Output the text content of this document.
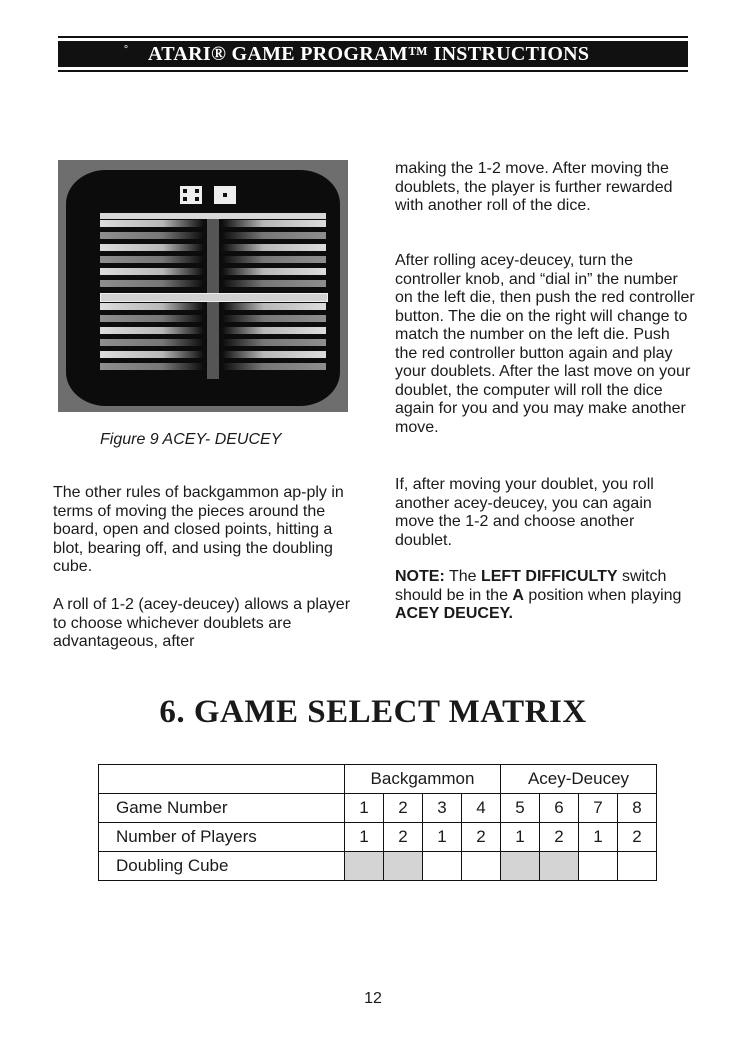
° ATARI® GAME PROGRAM™ INSTRUCTIONS
Figure 9 ACEY- DEUCEY

The other rules of backgammon ap-ply in terms of moving the pieces around the board, open and closed points, hitting a blot, bearing off, and using the doubling cube.

A roll of 1-2 (acey-deucey) allows a player to choose whichever doublets are advantageous, after

making the 1-2 move. After moving the doublets, the player is further rewarded with another roll of the dice.

After rolling acey-deucey, turn the controller knob, and “dial in” the number on the left die, then push the red controller button. The die on the right will change to match the number on the left die. Push the red controller button again and play your doublets. After the last move on your doublet, the computer will roll the dice again for you and you may make another move.

If, after moving your doublet, you roll another acey-deucey, you can again move the 1-2 and choose another doublet.

NOTE: The LEFT DIFFICULTY switch should be in the A position when playing ACEY DEUCEY.

6. GAME SELECT MATRIX
	Backgammon				Acey-Deucey			
Game Number	1	2	3	4	5	6	7	8
Number of Players	1	2	1	2	1	2	1	2
Doubling Cube								
12
